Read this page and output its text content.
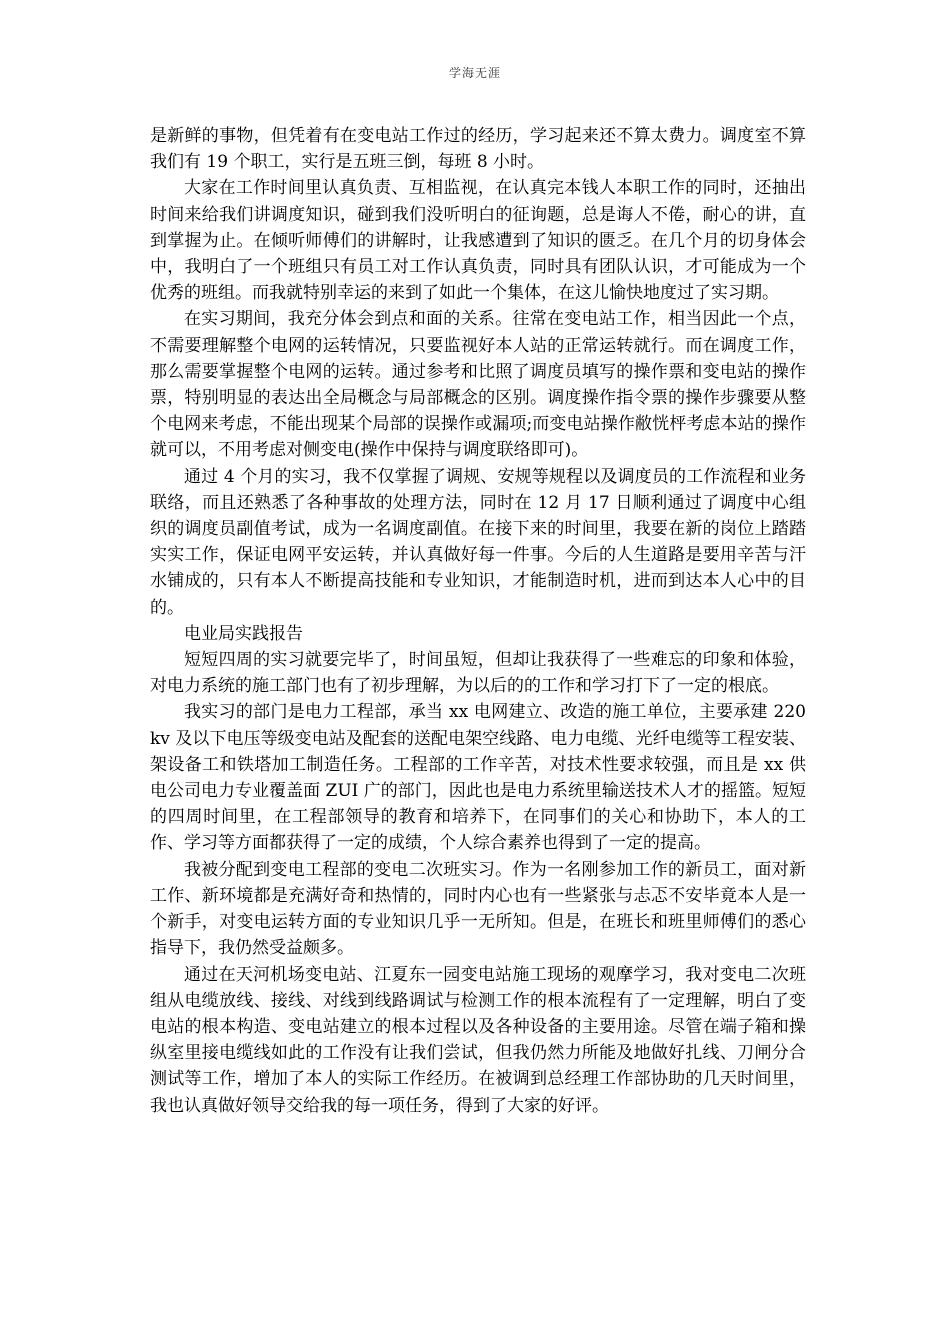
学海无涯

是新鲜的事物，但凭着有在变电站工作过的经历，学习起来还不算太费力。调度室不算我们有 19 个职工，实行是五班三倒，每班 8 小时。

大家在工作时间里认真负责、互相监视，在认真完本钱人本职工作的同时，还抽出时间来给我们讲调度知识，碰到我们没听明白的征询题，总是诲人不倦，耐心的讲，直到掌握为止。在倾听师傅们的讲解时，让我感遭到了知识的匮乏。在几个月的切身体会中，我明白了一个班组只有员工对工作认真负责，同时具有团队认识，才可能成为一个优秀的班组。而我就特别幸运的来到了如此一个集体，在这儿愉快地度过了实习期。

在实习期间，我充分体会到点和面的关系。往常在变电站工作，相当因此一个点，不需要理解整个电网的运转情况，只要监视好本人站的正常运转就行。而在调度工作，那么需要掌握整个电网的运转。通过参考和比照了调度员填写的操作票和变电站的操作票，特别明显的表达出全局概念与局部概念的区别。调度操作指令票的操作步骤要从整个电网来考虑，不能出现某个局部的误操作或漏项;而变电站操作敝恍枰考虑本站的操作就可以，不用考虑对侧变电(操作中保持与调度联络即可)。

通过 4 个月的实习，我不仅掌握了调规、安规等规程以及调度员的工作流程和业务联络，而且还熟悉了各种事故的处理方法，同时在 12 月 17 日顺利通过了调度中心组织的调度员副值考试，成为一名调度副值。在接下来的时间里，我要在新的岗位上踏踏实实工作，保证电网平安运转，并认真做好每一件事。今后的人生道路是要用辛苦与汗水铺成的，只有本人不断提高技能和专业知识，才能制造时机，进而到达本人心中的目的。

电业局实践报告

短短四周的实习就要完毕了，时间虽短，但却让我获得了一些难忘的印象和体验，对电力系统的施工部门也有了初步理解，为以后的的工作和学习打下了一定的根底。

我实习的部门是电力工程部，承当 xx 电网建立、改造的施工单位，主要承建 220kv 及以下电压等级变电站及配套的送配电架空线路、电力电缆、光纤电缆等工程安装、架设备工和铁塔加工制造任务。工程部的工作辛苦，对技术性要求较强，而且是 xx 供电公司电力专业覆盖面 ZUI 广的部门，因此也是电力系统里输送技术人才的摇篮。短短的四周时间里，在工程部领导的教育和培养下，在同事们的关心和协助下，本人的工作、学习等方面都获得了一定的成绩，个人综合素养也得到了一定的提高。

我被分配到变电工程部的变电二次班实习。作为一名刚参加工作的新员工，面对新工作、新环境都是充满好奇和热情的，同时内心也有一些紧张与忐忑不安毕竟本人是一个新手，对变电运转方面的专业知识几乎一无所知。但是，在班长和班里师傅们的悉心指导下，我仍然受益颇多。

通过在天河机场变电站、江夏东一园变电站施工现场的观摩学习，我对变电二次班组从电缆放线、接线、对线到线路调试与检测工作的根本流程有了一定理解，明白了变电站的根本构造、变电站建立的根本过程以及各种设备的主要用途。尽管在端子箱和操纵室里接电缆线如此的工作没有让我们尝试，但我仍然力所能及地做好扎线、刀闸分合测试等工作，增加了本人的实际工作经历。在被调到总经理工作部协助的几天时间里，我也认真做好领导交给我的每一项任务，得到了大家的好评。
